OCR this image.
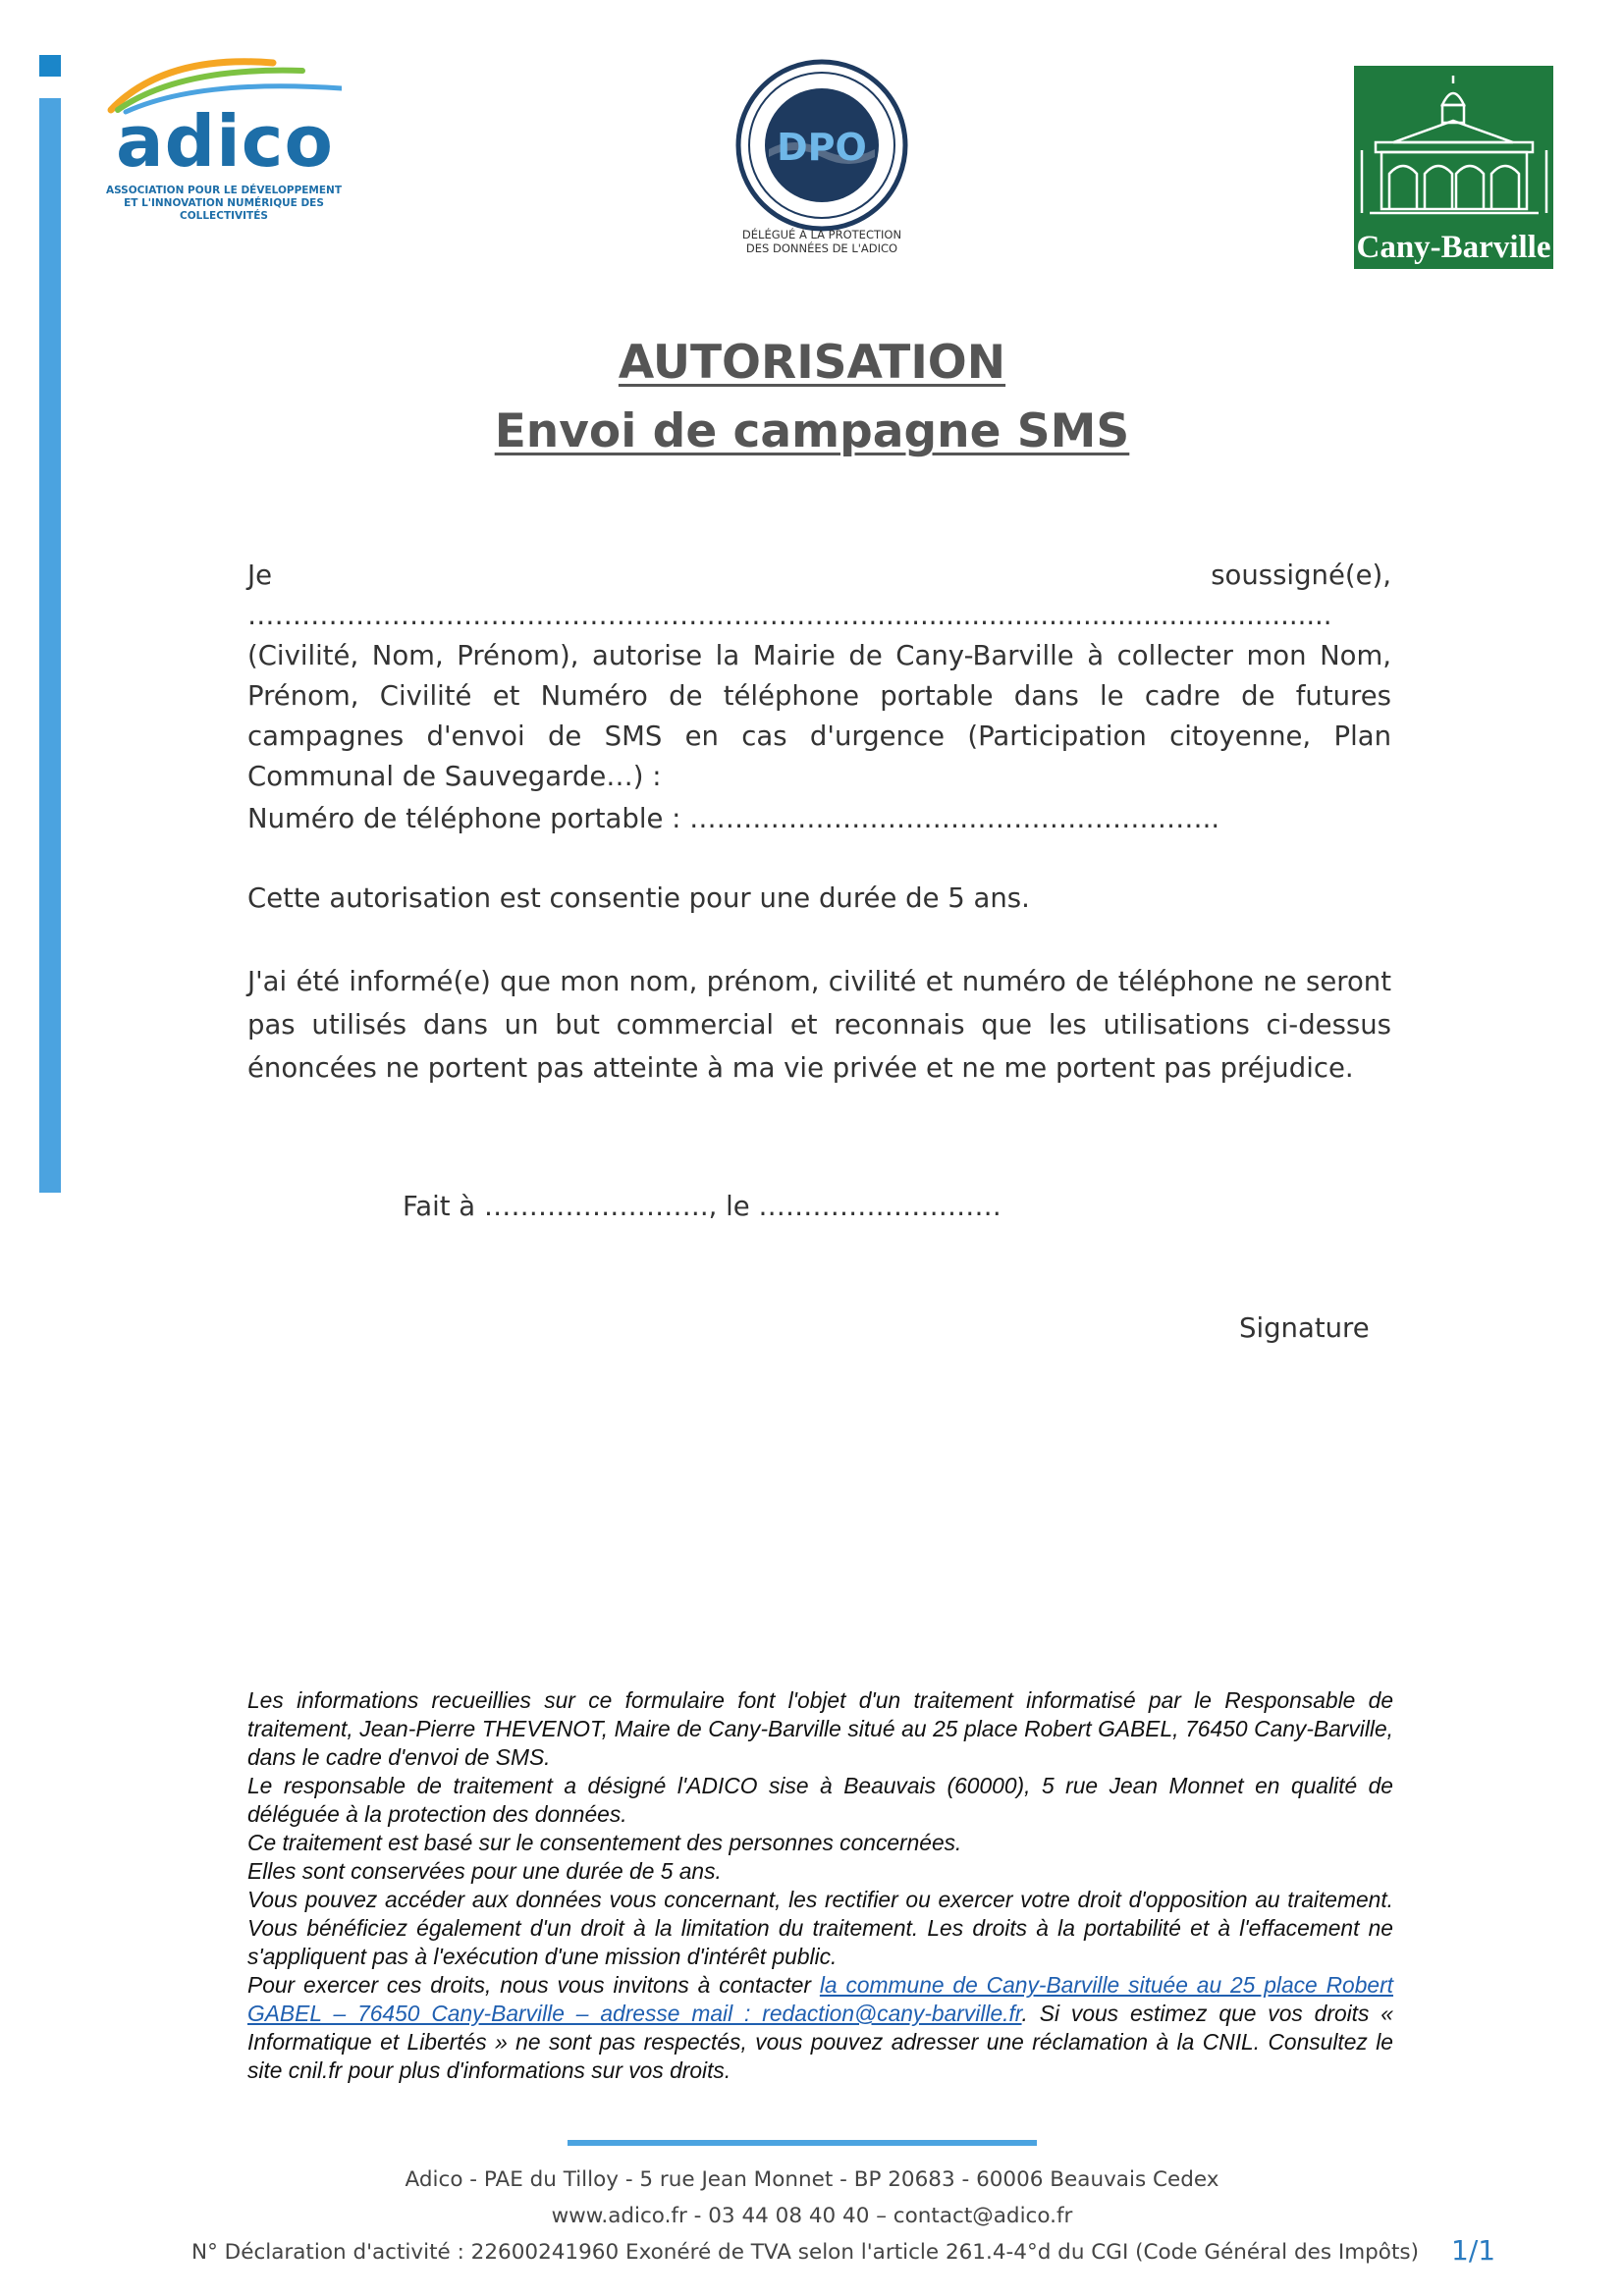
adico
ASSOCIATION POUR LE DÉVELOPPEMENT
ET L'INNOVATION NUMÉRIQUE DES COLLECTIVITÉS
DPO
DÉLÉGUÉ À LA PROTECTION
DES DONNÉES DE L'ADICO	Cany-Barville
AUTORISATION
Envoi de campagne SMS
Je soussigné(e), ……………………………………………………………...................................................... (Civilité, Nom, Prénom), autorise la Mairie de Cany-Barville à collecter mon Nom, Prénom, Civilité et Numéro de téléphone portable dans le cadre de futures campagnes d'envoi de SMS en cas d'urgence (Participation citoyenne, Plan Communal de Sauvegarde…) :
Numéro de téléphone portable : …………………………………………………..
Cette autorisation est consentie pour une durée de 5 ans.
J'ai été informé(e) que mon nom, prénom, civilité et numéro de téléphone ne seront pas utilisés dans un but commercial et reconnais que les utilisations ci-dessus énoncées ne portent pas atteinte à ma vie privée et ne me portent pas préjudice.
Fait à ……………………., le ………………………
Signature

Les informations recueillies sur ce formulaire font l'objet d'un traitement informatisé par le Responsable de traitement, Jean-Pierre THEVENOT, Maire de Cany-Barville situé au 25 place Robert GABEL, 76450 Cany-Barville, dans le cadre d'envoi de SMS.

Le responsable de traitement a désigné l'ADICO sise à Beauvais (60000), 5 rue Jean Monnet en qualité de déléguée à la protection des données.

Ce traitement est basé sur le consentement des personnes concernées.

Elles sont conservées pour une durée de 5 ans.

Vous pouvez accéder aux données vous concernant, les rectifier ou exercer votre droit d'opposition au traitement. Vous bénéficiez également d'un droit à la limitation du traitement. Les droits à la portabilité et à l'effacement ne s'appliquent pas à l'exécution d'une mission d'intérêt public.

Pour exercer ces droits, nous vous invitons à contacter la commune de Cany-Barville située au 25 place Robert GABEL – 76450 Cany-Barville – adresse mail : redaction@cany-barville.fr. Si vous estimez que vos droits « Informatique et Libertés » ne sont pas respectés, vous pouvez adresser une réclamation à la CNIL. Consultez le site cnil.fr pour plus d'informations sur vos droits.

Adico - PAE du Tilloy - 5 rue Jean Monnet - BP 20683 - 60006 Beauvais Cedex
www.adico.fr - 03 44 08 40 40 – contact@adico.fr
N° Déclaration d'activité : 22600241960 Exonéré de TVA selon l'article 261.4-4°d du CGI (Code Général des Impôts)	1/1
